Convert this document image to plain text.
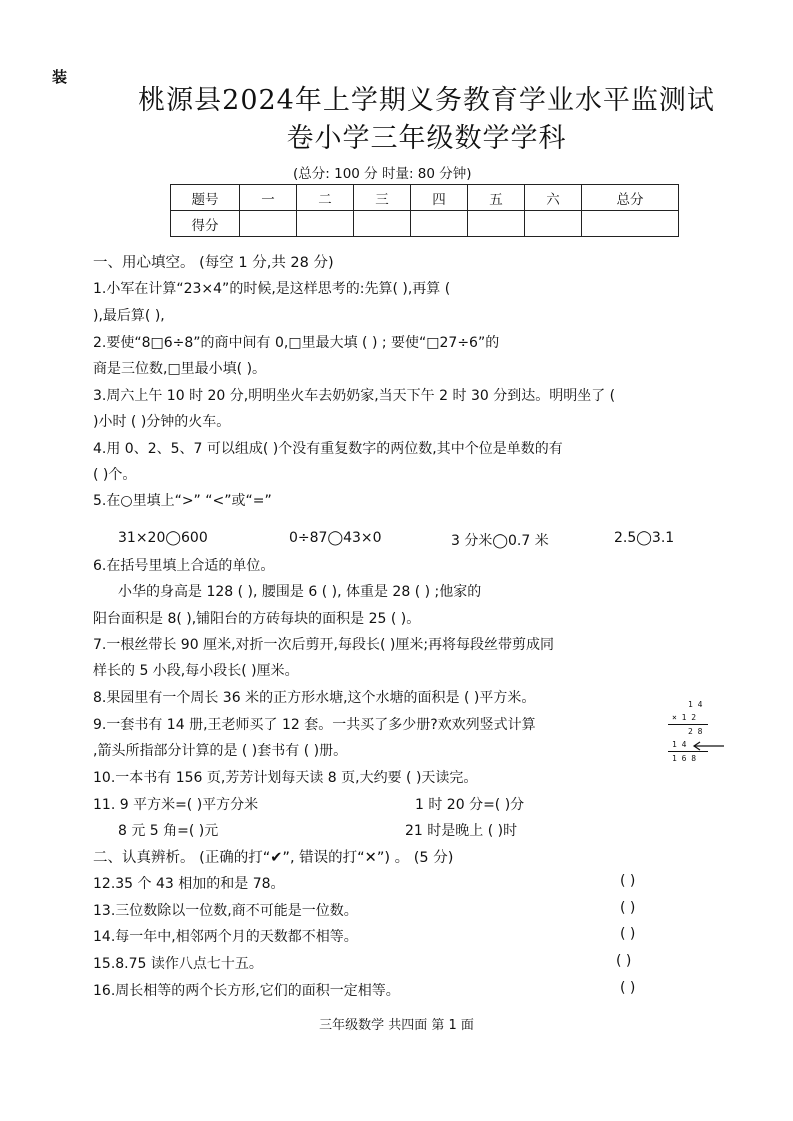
装
桃源县2024年上学期义务教育学业水平监测试
卷小学三年级数学学科
(总分: 100 分 时量: 80 分钟)
题号	一	二	三	四	五	六	总分
得分							
一、用心填空。 (每空 1 分,共 28 分)
1.小军在计算“23×4”的时候,是这样思考的:先算( ),再算 (
),最后算( ),
2.要使“8□6÷8”的商中间有 0,□里最大填 ( ) ; 要使“□27÷6”的
商是三位数,□里最小填( )。
3.周六上午 10 时 20 分,明明坐火车去奶奶家,当天下午 2 时 30 分到达。明明坐了 (
)小时 ( )分钟的火车。
4.用 0、2、5、7 可以组成( )个没有重复数字的两位数,其中个位是单数的有
( )个。
5.在○里填上“>” “<”或“=”
31×20◯600	0÷87◯43×0	3 分米◯0.7 米	2.5◯3.1
6.在括号里填上合适的单位。
小华的身高是 128 ( ), 腰围是 6 ( ), 体重是 28 ( ) ;他家的
阳台面积是 8( ),铺阳台的方砖每块的面积是 25 ( )。
7.一根丝带长 90 厘米,对折一次后剪开,每段长( )厘米;再将每段丝带剪成同
样长的 5 小段,每小段长( )厘米。
8.果园里有一个周长 36 米的正方形水塘,这个水塘的面积是 ( )平方米。
9.一套书有 14 册,王老师买了 12 套。一共买了多少册?欢欢列竖式计算
,箭头所指部分计算的是 ( )套书有 ( )册。
1 4
× 1 2
2 8
1 4
1 6 8
10.一本书有 156 页,芳芳计划每天读 8 页,大约要 ( )天读完。
11. 9 平方米=( )平方分米	1 时 20 分=( )分
8 元 5 角=( )元	21 时是晚上 ( )时
二、认真辨析。 (正确的打“✔”, 错误的打“✕”) 。 (5 分)
12.35 个 43 相加的和是 78。	( )
13.三位数除以一位数,商不可能是一位数。	( )
14.每一年中,相邻两个月的天数都不相等。	( )
15.8.75 读作八点七十五。	( )
16.周长相等的两个长方形,它们的面积一定相等。	( )
三年级数学 共四面 第 1 面
